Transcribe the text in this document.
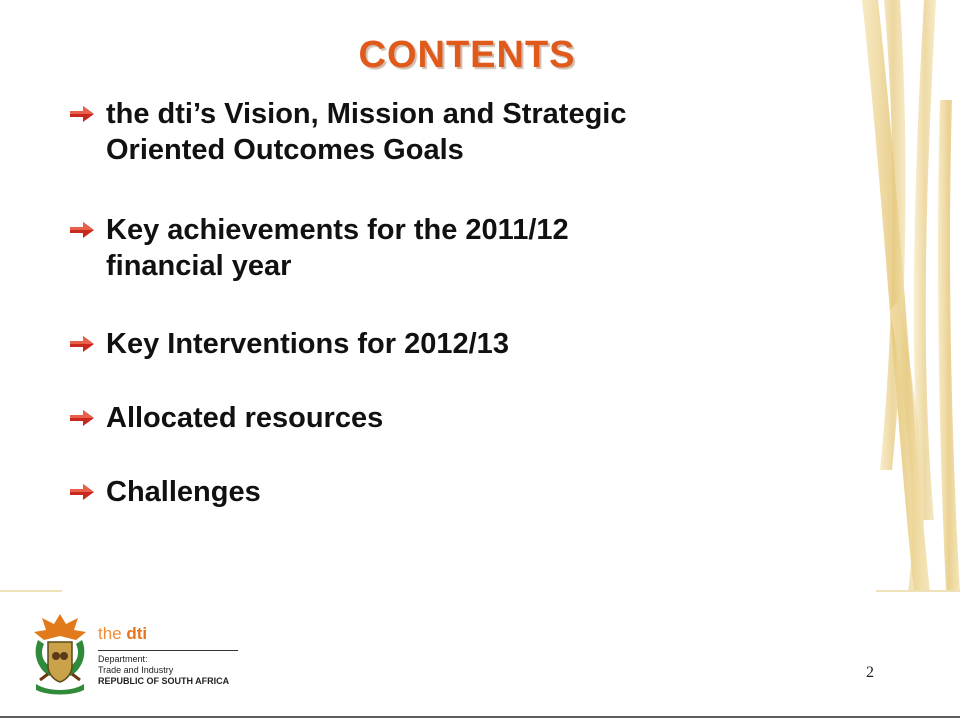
CONTENTS
the dti’s Vision, Mission and Strategic
Oriented Outcomes Goals
Key achievements for the 2011/12
financial year
Key Interventions for 2012/13
Allocated resources
Challenges
the dti
Department:
Trade and Industry
REPUBLIC OF SOUTH AFRICA	2
